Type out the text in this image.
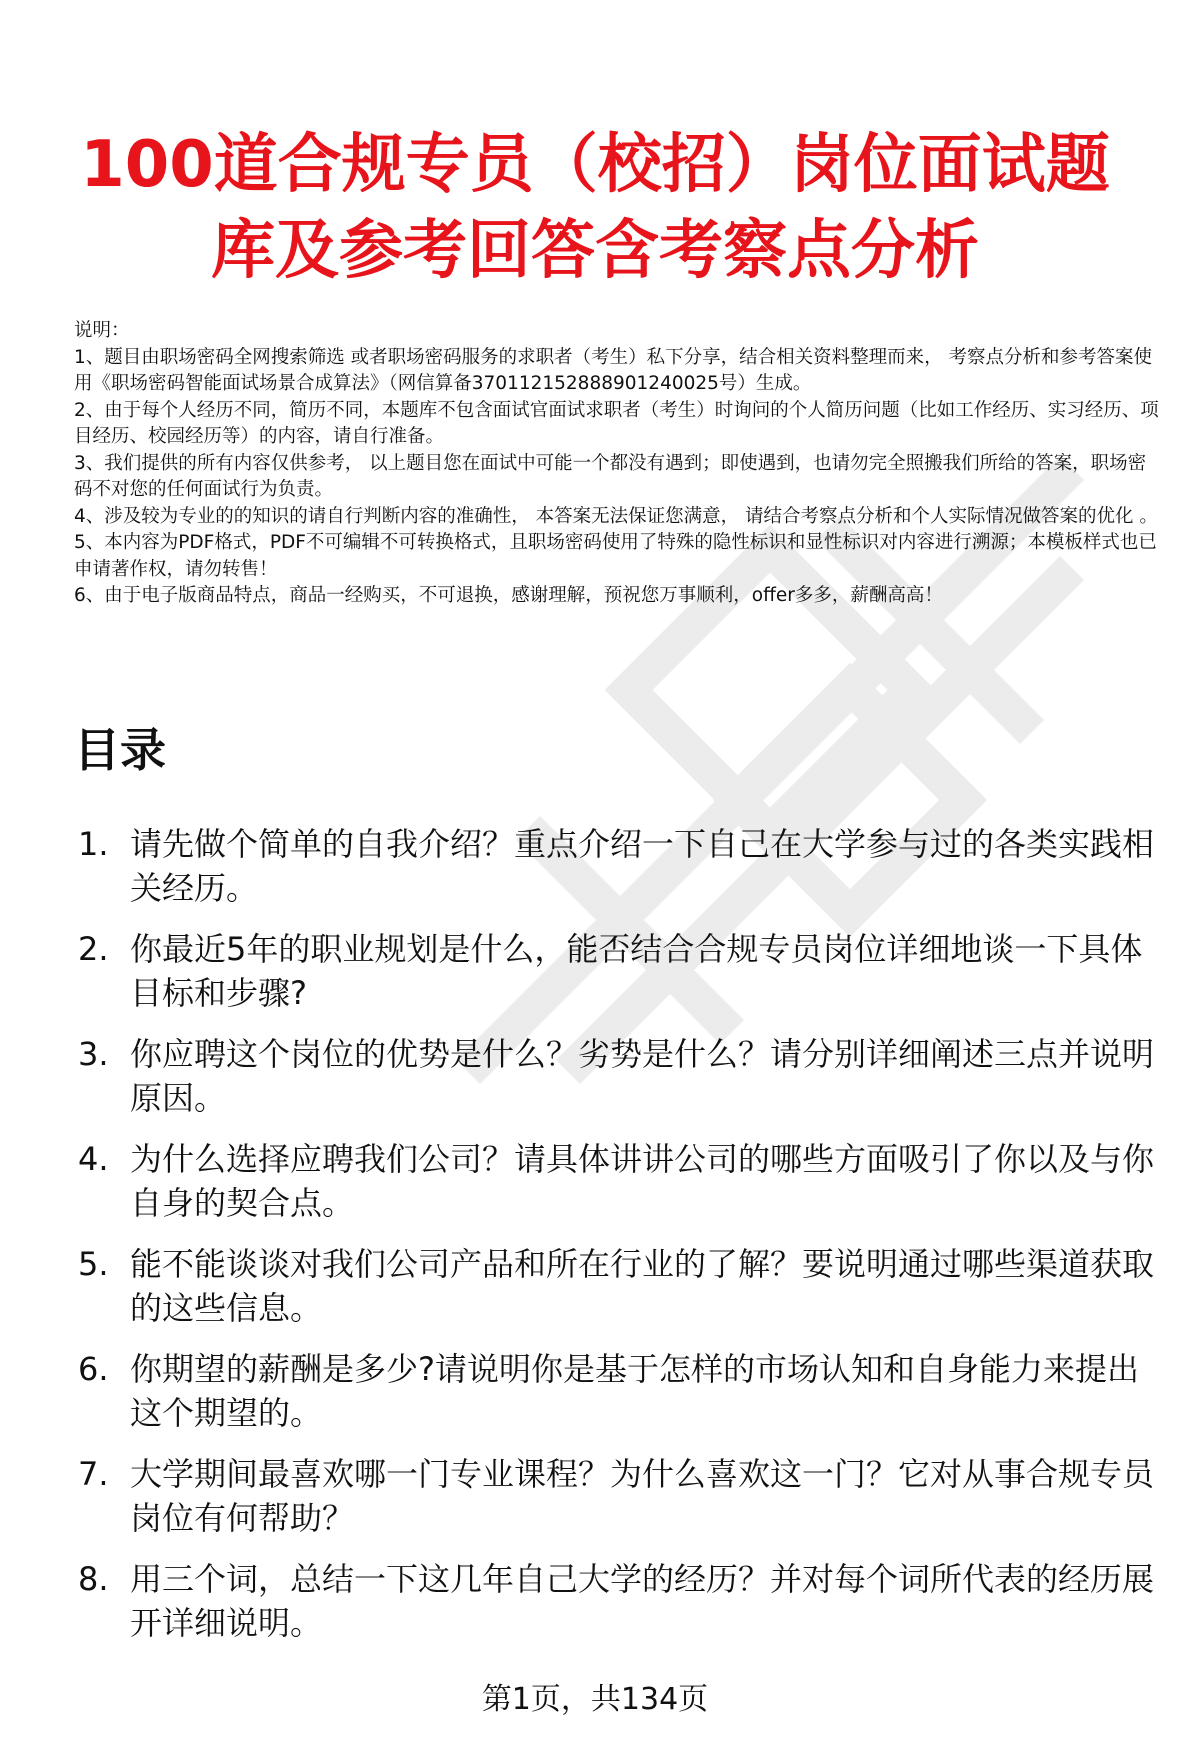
100道合规专员（校招）岗位面试题
库及参考回答含考察点分析

说明：

1、题目由职场密码全网搜索筛选 或者职场密码服务的求职者（考生）私下分享，结合相关资料整理而来， 考察点分析和参考答案使用《职场密码智能面试场景合成算法》（网信算备370112152888901240025号）生成。

2、由于每个人经历不同，简历不同，本题库不包含面试官面试求职者（考生）时询问的个人简历问题（比如工作经历、实习经历、项目经历、校园经历等）的内容，请自行准备。

3、我们提供的所有内容仅供参考， 以上题目您在面试中可能一个都没有遇到；即使遇到，也请勿完全照搬我们所给的答案，职场密码不对您的任何面试行为负责。

4、涉及较为专业的的知识的请自行判断内容的准确性， 本答案无法保证您满意， 请结合考察点分析和个人实际情况做答案的优化 。

5、本内容为PDF格式，PDF不可编辑不可转换格式，且职场密码使用了特殊的隐性标识和显性标识对内容进行溯源；本模板样式也已申请著作权，请勿转售！

6、由于电子版商品特点，商品一经购买，不可退换，感谢理解，预祝您万事顺利，offer多多，薪酬高高！

目录
1. 请先做个简单的自我介绍？重点介绍一下自己在大学参与过的各类实践相关经历。
2. 你最近5年的职业规划是什么，能否结合合规专员岗位详细地谈一下具体目标和步骤?
3. 你应聘这个岗位的优势是什么？劣势是什么？请分别详细阐述三点并说明原因。
4. 为什么选择应聘我们公司？请具体讲讲公司的哪些方面吸引了你以及与你自身的契合点。
5. 能不能谈谈对我们公司产品和所在行业的了解？要说明通过哪些渠道获取的这些信息。
6. 你期望的薪酬是多少?请说明你是基于怎样的市场认知和自身能力来提出这个期望的。
7. 大学期间最喜欢哪一门专业课程？为什么喜欢这一门？它对从事合规专员岗位有何帮助？
8. 用三个词，总结一下这几年自己大学的经历？并对每个词所代表的经历展开详细说明。
第1页，共134页
